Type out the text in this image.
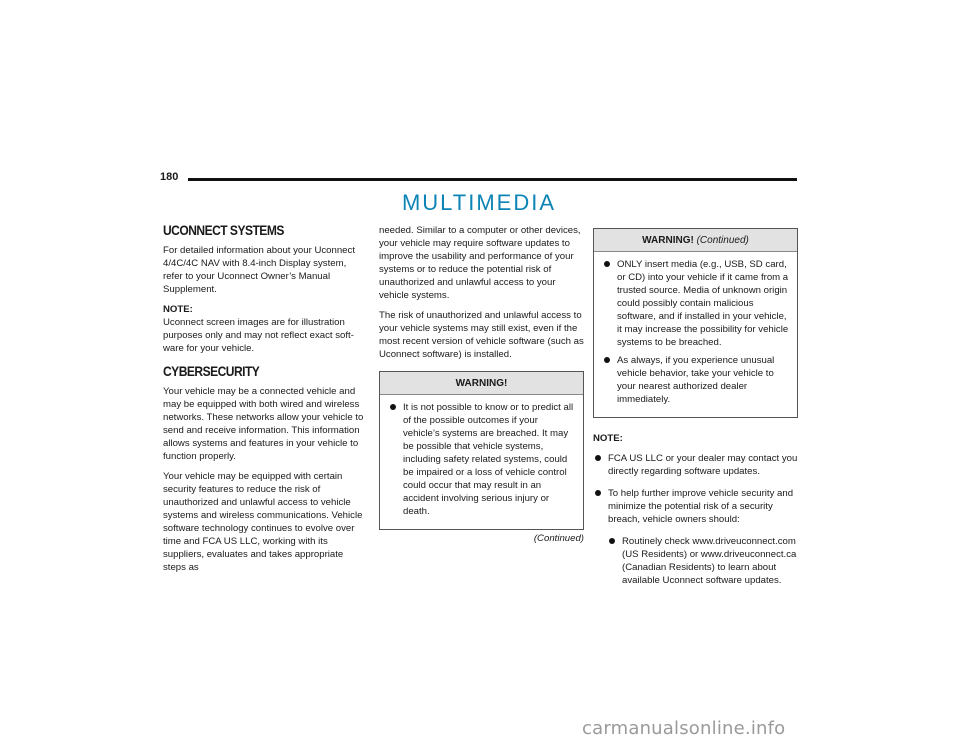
180
MULTIMEDIA
UCONNECT SYSTEMS

For detailed information about your Uconnect 4/4C/4C NAV with 8.4-inch Display system, refer to your Uconnect Owner’s Manual Supplement.

NOTE:
Uconnect screen images are for illustration purposes only and may not reflect exact soft-ware for your vehicle.

CYBERSECURITY

Your vehicle may be a connected vehicle and may be equipped with both wired and wireless networks. These networks allow your vehicle to send and receive information. This information allows systems and features in your vehicle to function properly.

Your vehicle may be equipped with certain security features to reduce the risk of unauthorized and unlawful access to vehicle systems and wireless communications. Vehicle software technology continues to evolve over time and FCA US LLC, working with its suppliers, evaluates and takes appropriate steps as

needed. Similar to a computer or other devices, your vehicle may require software updates to improve the usability and performance of your systems or to reduce the potential risk of unauthorized and unlawful access to your vehicle systems.

The risk of unauthorized and unlawful access to your vehicle systems may still exist, even if the most recent version of vehicle software (such as Uconnect software) is installed.

WARNING!
It is not possible to know or to predict all of the possible outcomes if your vehicle’s systems are breached. It may be possible that vehicle systems, including safety related systems, could be impaired or a loss of vehicle control could occur that may result in an accident involving serious injury or death.
(Continued)
WARNING! (Continued)
ONLY insert media (e.g., USB, SD card, or CD) into your vehicle if it came from a trusted source. Media of unknown origin could possibly contain malicious software, and if installed in your vehicle, it may increase the possibility for vehicle systems to be breached.
As always, if you experience unusual vehicle behavior, take your vehicle to your nearest authorized dealer immediately.
NOTE:
FCA US LLC or your dealer may contact you directly regarding software updates.
To help further improve vehicle security and minimize the potential risk of a security breach, vehicle owners should:
Routinely check www.driveuconnect.com (US Residents) or www.driveuconnect.ca (Canadian Residents) to learn about available Uconnect software updates.
carmanualsonline.info
